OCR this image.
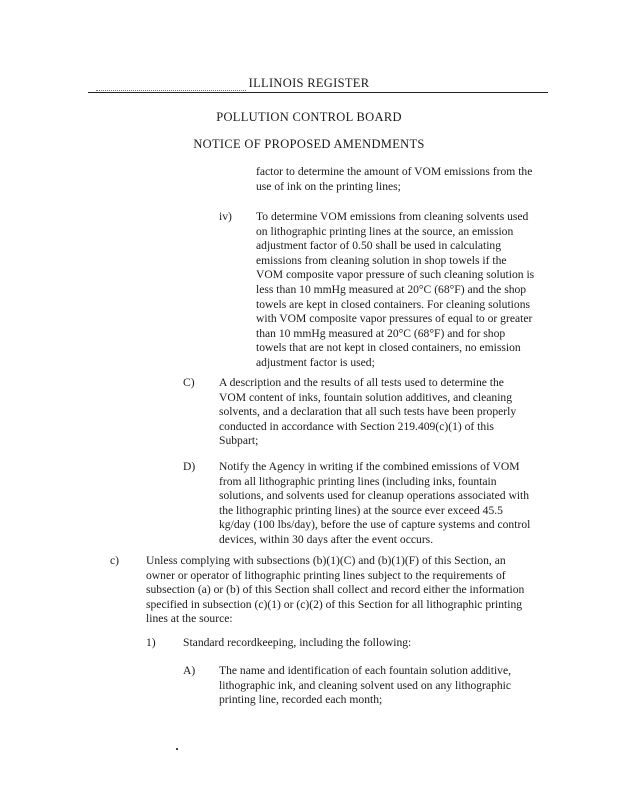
ILLINOIS REGISTER
POLLUTION CONTROL BOARD
NOTICE OF PROPOSED AMENDMENTS

factor to determine the amount of VOM emissions from the

use of ink on the printing lines;

iv) To determine VOM emissions from cleaning solvents used

on lithographic printing lines at the source, an emission

adjustment factor of 0.50 shall be used in calculating

emissions from cleaning solution in shop towels if the

VOM composite vapor pressure of such cleaning solution is

less than 10 mmHg measured at 20°C (68°F) and the shop

towels are kept in closed containers. For cleaning solutions

with VOM composite vapor pressures of equal to or greater

than 10 mmHg measured at 20°C (68°F) and for shop

towels that are not kept in closed containers, no emission

adjustment factor is used;

C) A description and the results of all tests used to determine the

VOM content of inks, fountain solution additives, and cleaning

solvents, and a declaration that all such tests have been properly

conducted in accordance with Section 219.409(c)(1) of this

Subpart;

D) Notify the Agency in writing if the combined emissions of VOM

from all lithographic printing lines (including inks, fountain

solutions, and solvents used for cleanup operations associated with

the lithographic printing lines) at the source ever exceed 45.5

kg/day (100 lbs/day), before the use of capture systems and control

devices, within 30 days after the event occurs.

c) Unless complying with subsections (b)(1)(C) and (b)(1)(F) of this Section, an

owner or operator of lithographic printing lines subject to the requirements of

subsection (a) or (b) of this Section shall collect and record either the information

specified in subsection (c)(1) or (c)(2) of this Section for all lithographic printing

lines at the source:

1) Standard recordkeeping, including the following:

A) The name and identification of each fountain solution additive,

lithographic ink, and cleaning solvent used on any lithographic

printing line, recorded each month;
